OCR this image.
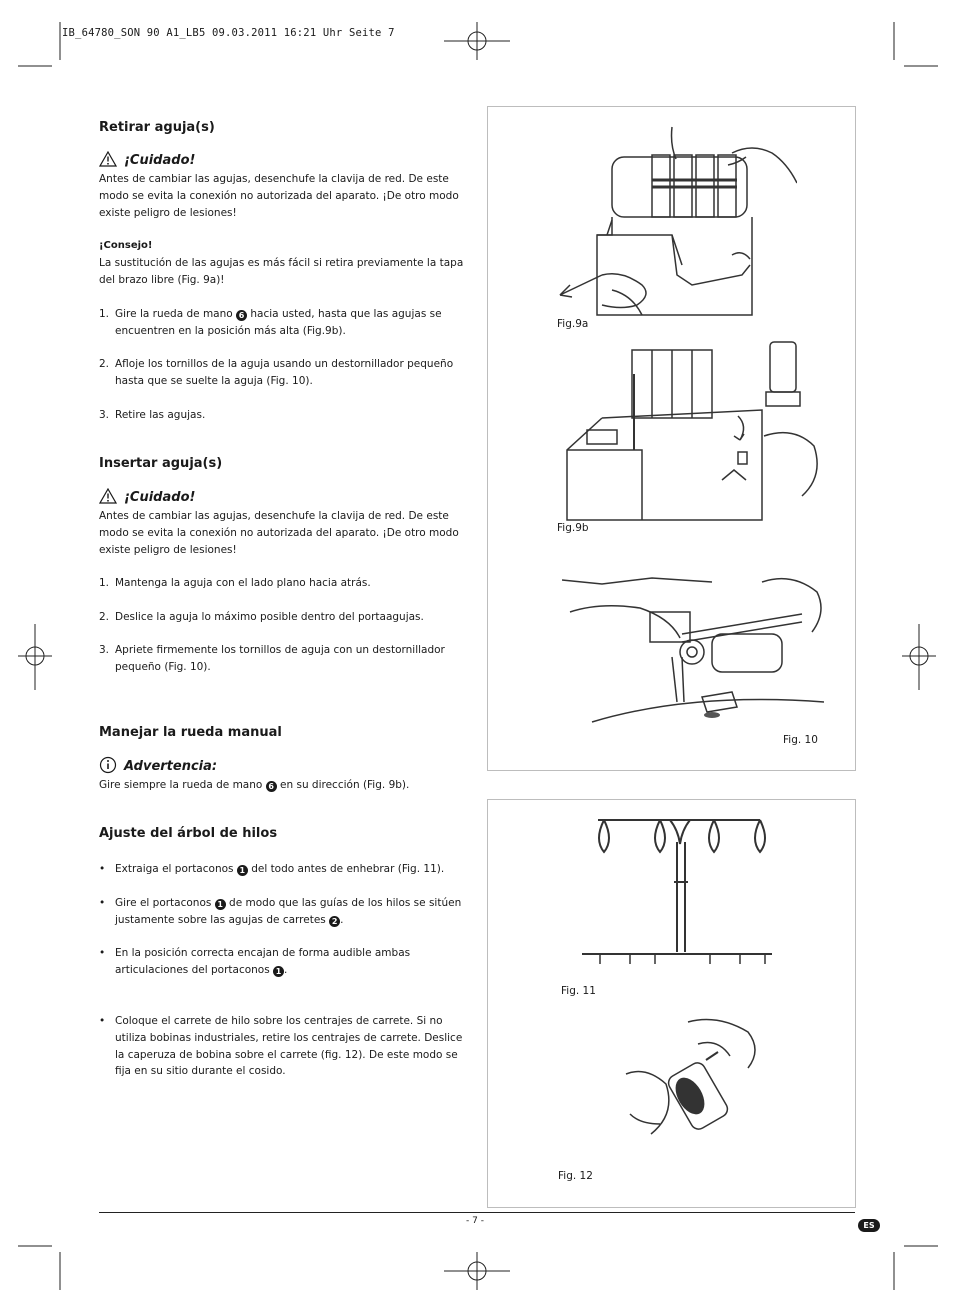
IB_64780_SON 90 A1_LB5 09.03.2011 16:21 Uhr Seite 7
Retirar aguja(s)
¡Cuidado!
Antes de cambiar las agujas, desenchufe la clavija de red. De este modo se evita la conexión no autorizada del aparato. ¡De otro modo existe peligro de lesiones!
¡Consejo!
La sustitución de las agujas es más fácil si retira previamente la tapa del brazo libre (Fig. 9a)!
1. Gire la rueda de mano 6 hacia usted, hasta que las agujas se encuentren en la posición más alta (Fig.9b).
2. Afloje los tornillos de la aguja usando un destornillador pequeño hasta que se suelte la aguja (Fig. 10).
3. Retire las agujas.
Insertar aguja(s)
¡Cuidado!
Antes de cambiar las agujas, desenchufe la clavija de red. De este modo se evita la conexión no autorizada del aparato. ¡De otro modo existe peligro de lesiones!
1. Mantenga la aguja con el lado plano hacia atrás.
2. Deslice la aguja lo máximo posible dentro del portaagujas.
3. Apriete firmemente los tornillos de aguja con un destornillador pequeño (Fig. 10).
Manejar la rueda manual
Advertencia:
Gire siempre la rueda de mano 6 en su dirección (Fig. 9b).
Ajuste del árbol de hilos
• Extraiga el portaconos 1 del todo antes de enhebrar (Fig. 11).
• Gire el portaconos 1 de modo que las guías de los hilos se sitúen justamente sobre las agujas de carretes 2 .
• En la posición correcta encajan de forma audible ambas articulaciones del portaconos 1 .
• Coloque el carrete de hilo sobre los centrajes de carrete. Si no utiliza bobinas industriales, retire los centrajes de carrete. Deslice la caperuza de bobina sobre el carrete (fig. 12). De este modo se fija en su sitio durante el cosido.
Fig.9a
Fig.9b
Fig. 10
Fig. 11
Fig. 12
- 7 -	ES
